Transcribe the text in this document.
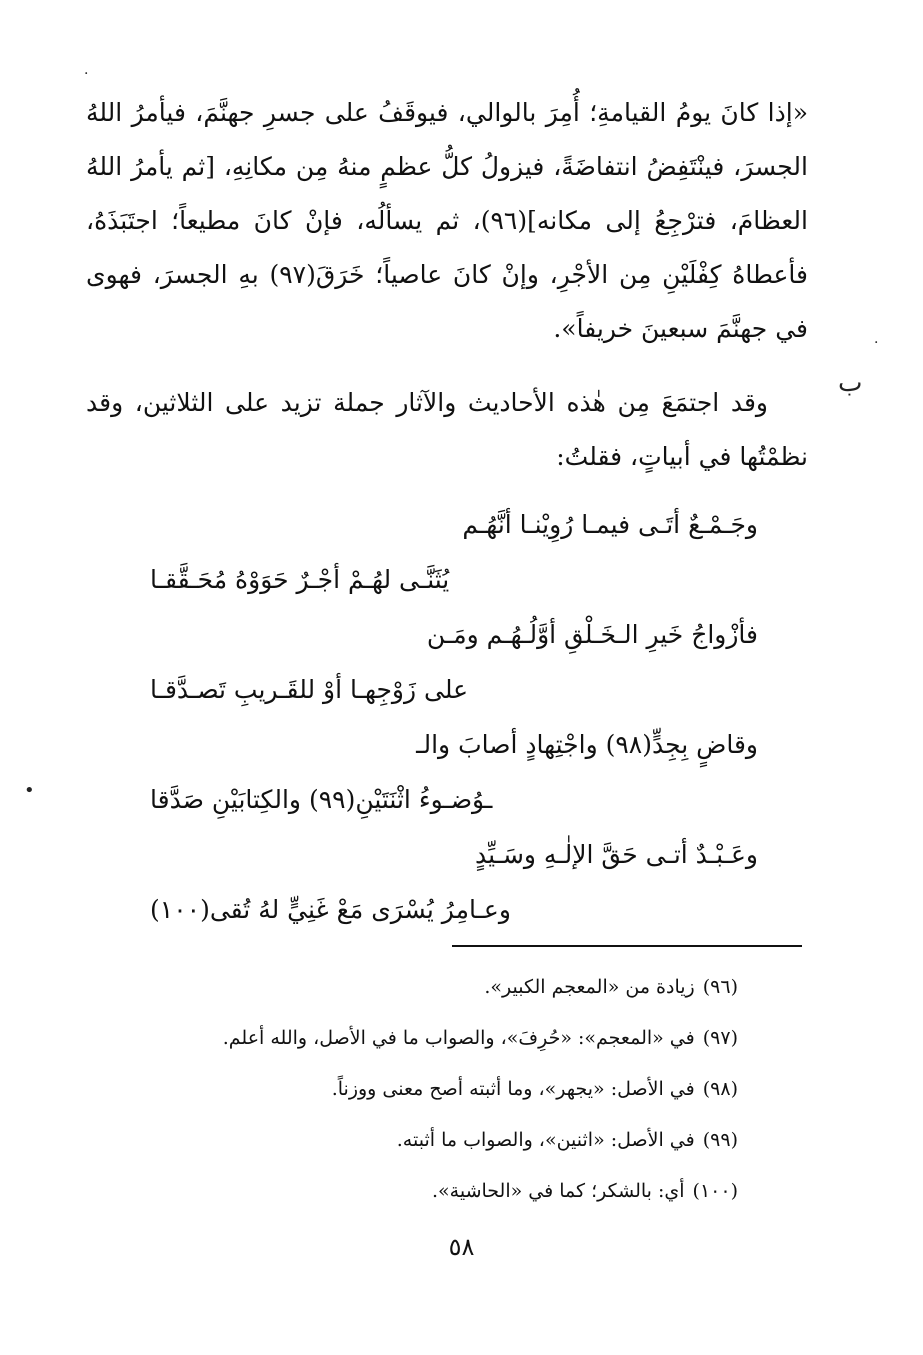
·
·
ب
•

«إذا كانَ يومُ القيامةِ؛ أُمِرَ بالوالي، فيوقَفُ على جسرِ جهنَّمَ، فيأمرُ اللهُ الجسرَ، فينْتَفِضُ انتفاضَةً، فيزولُ كلُّ عظمٍ منهُ مِن مكانِهِ، [ثم يأمرُ اللهُ العظامَ، فترْجِعُ إلى مكانه](٩٦)، ثم يسألُه، فإنْ كانَ مطيعاً؛ اجتَبَذَهُ، فأعطاهُ كِفْلَيْنِ مِن الأجْرِ، وإنْ كانَ عاصياً؛ خَرَقَ(٩٧) بهِ الجسرَ، فهوى في جهنَّمَ سبعينَ خريفاً».

وقد اجتمَعَ مِن هٰذه الأحاديث والآثار جملة تزيد على الثلاثين، وقد نظمْتُها في أبياتٍ، فقلتُ:

وجَـمْـعٌ أتَـى فيمـا رُوِيْنـا أنَّهُـم

يُثَنَّـى لهُـمْ أجْـرٌ حَوَوْهُ مُحَـقَّقـا

فأزْواجُ خَيرِ الـخَـلْقِ أوَّلُـهُـم ومَـن

على زَوْجِهـا أوْ للقَـريبِ تَصـدَّقـا

وقاضٍ بِجِدٍّ(٩٨) واجْتِهادٍ أصابَ والـ

ـوُضـوءُ اثْنَتَيْنِ(٩٩) والكِتابَيْنِ صَدَّقا

وعَـبْـدٌ أتـى حَقَّ الإلٰـهِ وسَـيِّدٍ

وعـامِرُ يُسْرَى مَعْ غَنِيٍّ لهُ تُقى(١٠٠)

(٩٦)زيادة من «المعجم الكبير».
(٩٧)في «المعجم»: «حُرِفَ»، والصواب ما في الأصل، والله أعلم.
(٩٨)في الأصل: «يجهر»، وما أثبته أصح معنى ووزناً.
(٩٩)في الأصل: «اثنين»، والصواب ما أثبته.
(١٠٠)أي: بالشكر؛ كما في «الحاشية».
٥٨
